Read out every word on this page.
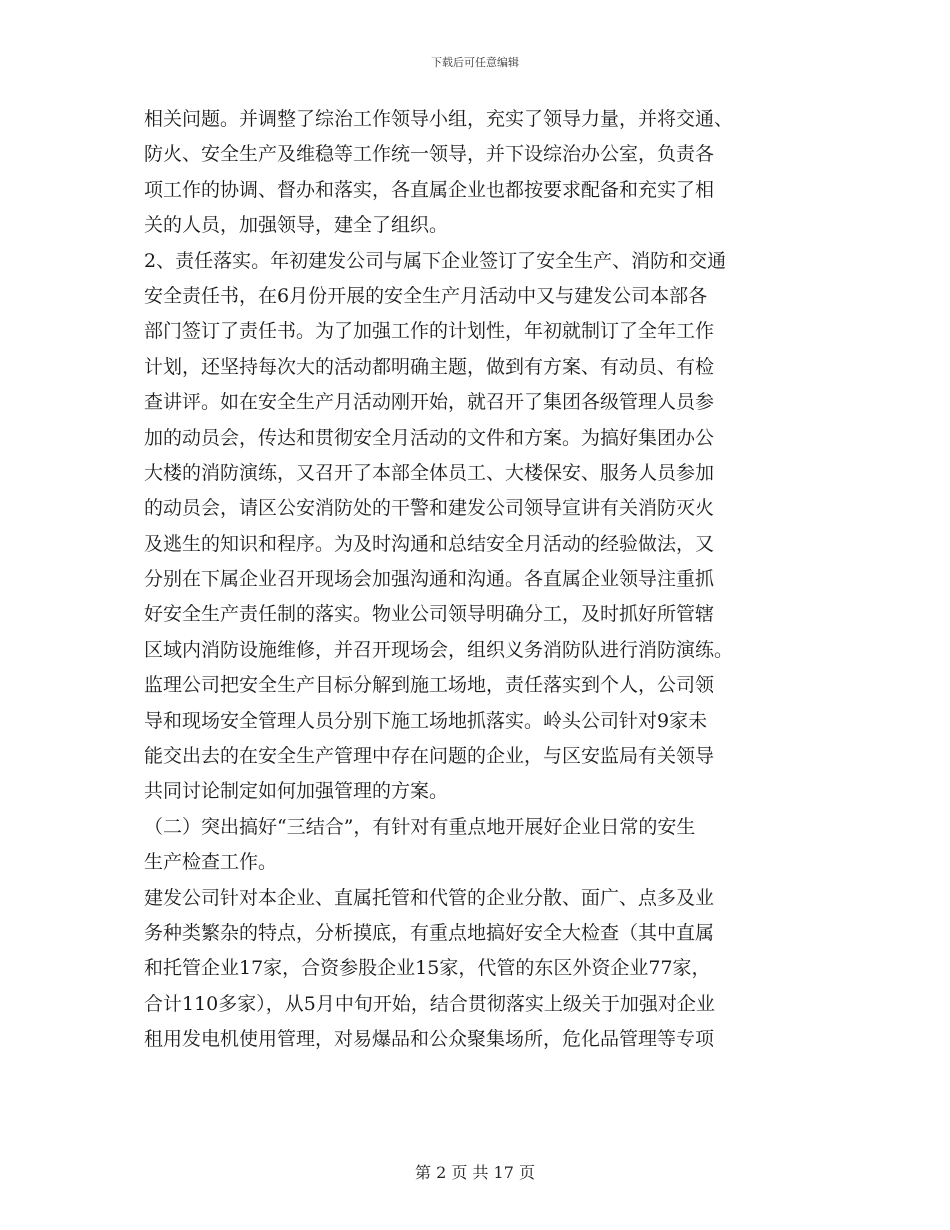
下载后可任意编辑
相关问题。并调整了综治工作领导小组，充实了领导力量，并将交通、
防火、安全生产及维稳等工作统一领导，并下设综治办公室，负责各
项工作的协调、督办和落实，各直属企业也都按要求配备和充实了相
关的人员，加强领导，建全了组织。
2、责任落实。年初建发公司与属下企业签订了安全生产、消防和交通
安全责任书，在6月份开展的安全生产月活动中又与建发公司本部各
部门签订了责任书。为了加强工作的计划性，年初就制订了全年工作
计划，还坚持每次大的活动都明确主题，做到有方案、有动员、有检
查讲评。如在安全生产月活动刚开始，就召开了集团各级管理人员参
加的动员会，传达和贯彻安全月活动的文件和方案。为搞好集团办公
大楼的消防演练，又召开了本部全体员工、大楼保安、服务人员参加
的动员会，请区公安消防处的干警和建发公司领导宣讲有关消防灭火
及逃生的知识和程序。为及时沟通和总结安全月活动的经验做法，又
分别在下属企业召开现场会加强沟通和沟通。各直属企业领导注重抓
好安全生产责任制的落实。物业公司领导明确分工，及时抓好所管辖
区域内消防设施维修，并召开现场会，组织义务消防队进行消防演练。
监理公司把安全生产目标分解到施工场地，责任落实到个人，公司领
导和现场安全管理人员分别下施工场地抓落实。岭头公司针对9家未
能交出去的在安全生产管理中存在问题的企业，与区安监局有关领导
共同讨论制定如何加强管理的方案。
（二）突出搞好“三结合”，有针对有重点地开展好企业日常的安生
生产检查工作。
建发公司针对本企业、直属托管和代管的企业分散、面广、点多及业
务种类繁杂的特点，分析摸底，有重点地搞好安全大检查（其中直属
和托管企业17家，合资参股企业15家，代管的东区外资企业77家，
合计110多家），从5月中旬开始，结合贯彻落实上级关于加强对企业
租用发电机使用管理，对易爆品和公众聚集场所，危化品管理等专项
第 2 页 共 17 页
